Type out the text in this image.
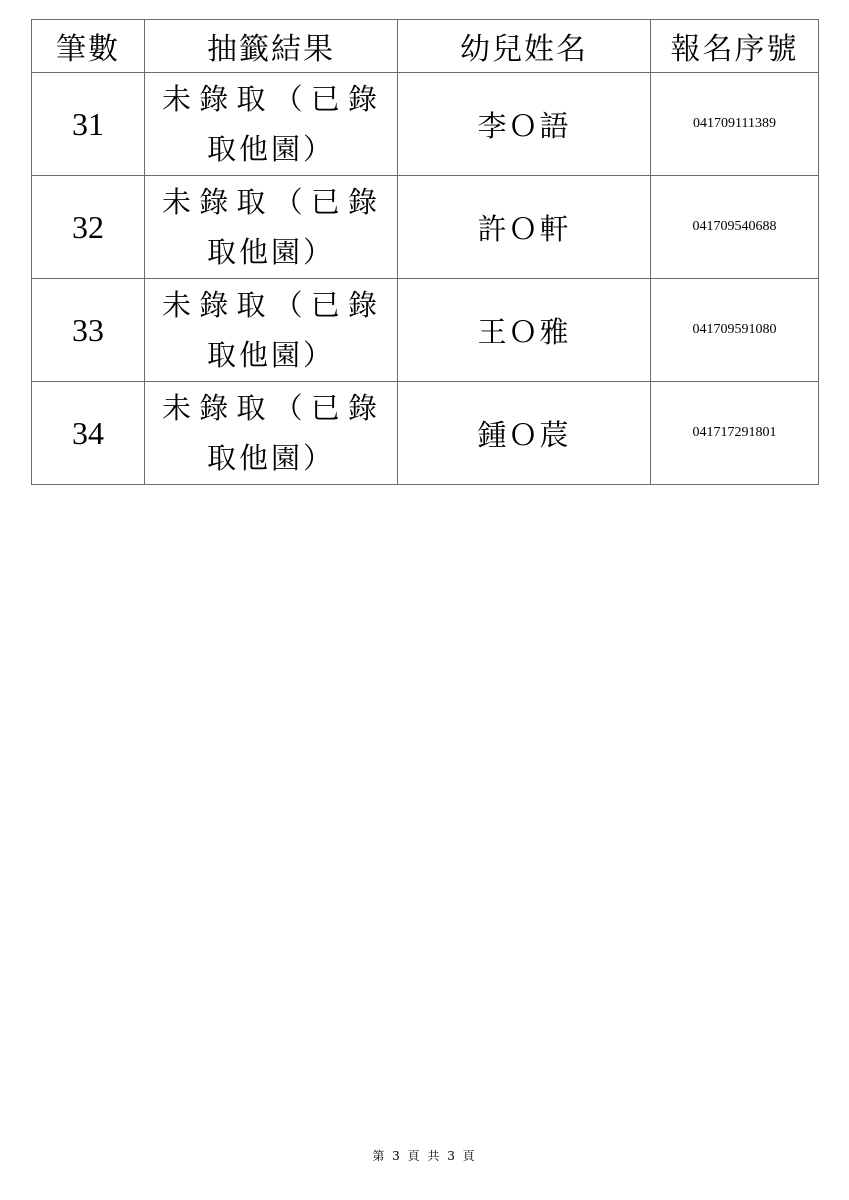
筆數	抽籤結果	幼兒姓名	報名序號
31	未錄取（已錄取他園）	李Ｏ語	041709111389
32	未錄取（已錄取他園）	許Ｏ軒	041709540688
33	未錄取（已錄取他園）	王Ｏ雅	041709591080
34	未錄取（已錄取他園）	鍾Ｏ莀	041717291801
第 3 頁 共 3 頁
